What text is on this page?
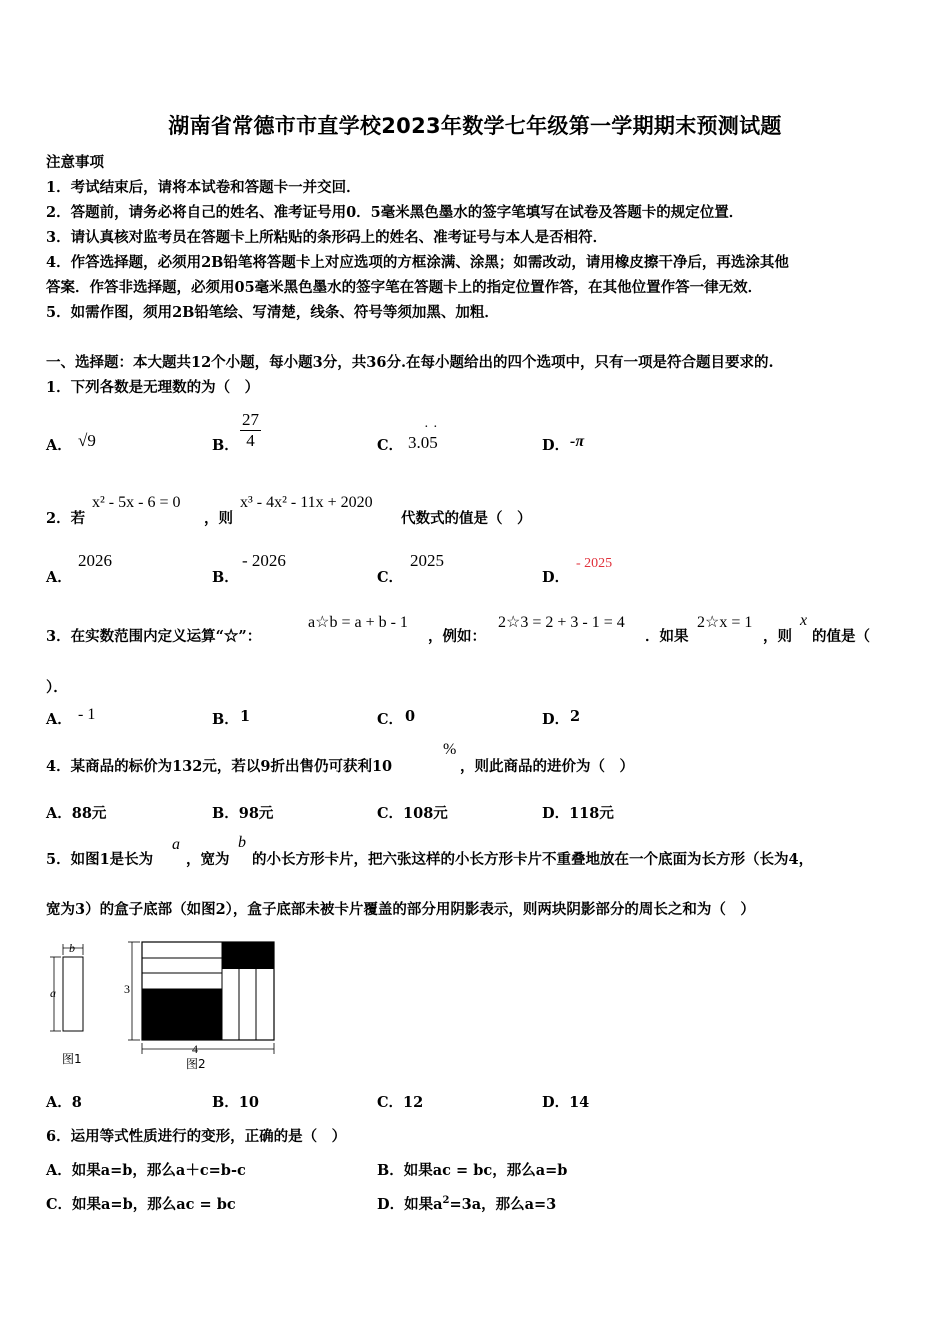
湖南省常德市市直学校2023年数学七年级第一学期期末预测试题
注意事项
1．考试结束后，请将本试卷和答题卡一并交回．
2．答题前，请务必将自己的姓名、准考证号用0．5毫米黑色墨水的签字笔填写在试卷及答题卡的规定位置．
3．请认真核对监考员在答题卡上所粘贴的条形码上的姓名、准考证号与本人是否相符．
4．作答选择题，必须用2B铅笔将答题卡上对应选项的方框涂满、涂黑；如需改动，请用橡皮擦干净后，再选涂其他
答案．作答非选择题，必须用05毫米黑色墨水的签字笔在答题卡上的指定位置作答，在其他位置作答一律无效．
5．如需作图，须用2B铅笔绘、写清楚，线条、符号等须加黑、加粗．
一、选择题：本大题共12个小题，每小题3分，共36分.在每小题给出的四个选项中，只有一项是符合题目要求的.
1．下列各数是无理数的为（　）
A． √9	B． $\frac{27}{4}$	C． 3.05
· ·
D． -π
2．若
x² - 5x - 6 = 0
，则
x³ - 4x² - 11x + 2020
代数式的值是（　）
A．
2026
B．
- 2026
C．
2025
D．
- 2025
3．在实数范围内定义运算“☆”：
a☆b = a + b - 1
，例如：
2☆3 = 2 + 3 - 1 = 4
．如果
2☆x = 1
，则
x
的值是（
）．
A． - 1	B． 1	C． 0	D． 2
4．某商品的标价为132元，若以9折出售仍可获利10
%
，则此商品的进价为（　）
A．88元	B．98元	C．108元	D．118元
5．如图1是长为
a
，宽为
b
的小长方形卡片，把六张这样的小长方形卡片不重叠地放在一个底面为长方形（长为4，
宽为3）的盒子底部（如图2），盒子底部未被卡片覆盖的部分用阴影表示，则两块阴影部分的周长之和为（　）
b
a
图1
3
4
图2
A．8	B．10	C．12	D．14
6．运用等式性质进行的变形，正确的是（　）
A．如果a=b，那么a＋c=b-c	B．如果ac = bc，那么a=b
C．如果a=b，那么ac = bc	D．如果$a^2=3a$，那么a=3
